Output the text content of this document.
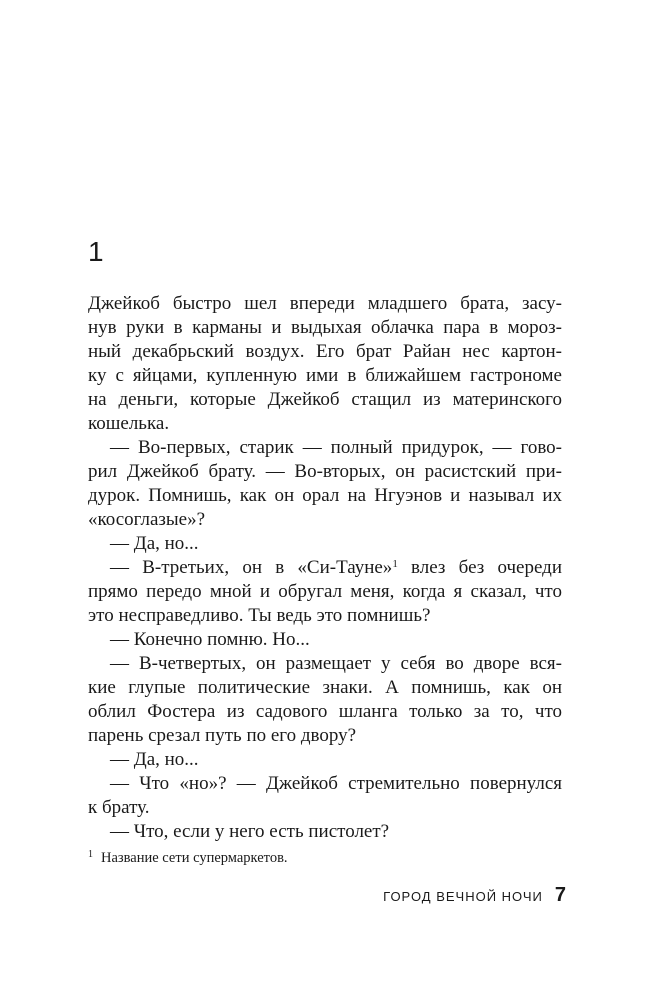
1
Джейкоб быстро шел впереди младшего брата, засу-
нув руки в карманы и выдыхая облачка пара в мороз-
ный декабрьский воздух. Его брат Райан нес картон-
ку с яйцами, купленную ими в ближайшем гастрономе
на деньги, которые Джейкоб стащил из материнского
кошелька.
— Во-первых, старик — полный придурок, — гово-
рил Джейкоб брату. — Во-вторых, он расистский при-
дурок. Помнишь, как он орал на Нгуэнов и называл их
«косоглазые»?
— Да, но...
— В-третьих, он в «Си-Тауне»$^1$ влез без очереди
прямо передо мной и обругал меня, когда я сказал, что
это несправедливо. Ты ведь это помнишь?
— Конечно помню. Но...
— В-четвертых, он размещает у себя во дворе вся-
кие глупые политические знаки. А помнишь, как он
облил Фостера из садового шланга только за то, что
парень срезал путь по его двору?
— Да, но...
— Что «но»? — Джейкоб стремительно повернулся
к брату.
— Что, если у него есть пистолет?
$^1$ Название сети супермаркетов.
ГОРОД ВЕЧНОЙ НОЧИ 7
